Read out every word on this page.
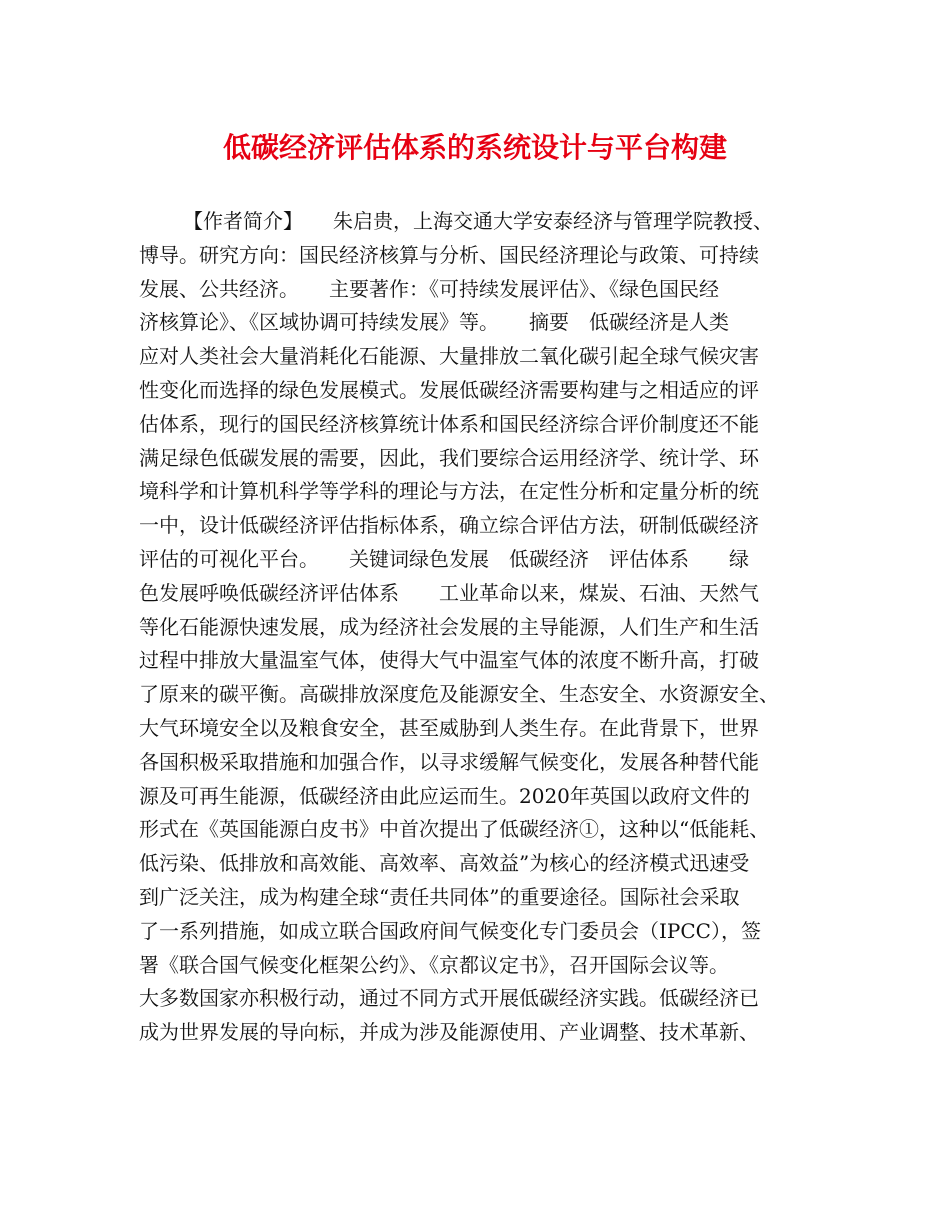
低碳经济评估体系的系统设计与平台构建
【作者简介】　　朱启贵，上海交通大学安泰经济与管理学院教授、
博导。研究方向：国民经济核算与分析、国民经济理论与政策、可持续
发展、公共经济。　　主要著作：《可持续发展评估》、《绿色国民经
济核算论》、《区域协调可持续发展》等。　　摘要　低碳经济是人类
应对人类社会大量消耗化石能源、大量排放二氧化碳引起全球气候灾害
性变化而选择的绿色发展模式。发展低碳经济需要构建与之相适应的评
估体系，现行的国民经济核算统计体系和国民经济综合评价制度还不能
满足绿色低碳发展的需要，因此，我们要综合运用经济学、统计学、环
境科学和计算机科学等学科的理论与方法，在定性分析和定量分析的统
一中，设计低碳经济评估指标体系，确立综合评估方法，研制低碳经济
评估的可视化平台。　　关键词绿色发展　低碳经济　评估体系　　绿
色发展呼唤低碳经济评估体系　　工业革命以来，煤炭、石油、天然气
等化石能源快速发展，成为经济社会发展的主导能源，人们生产和生活
过程中排放大量温室气体，使得大气中温室气体的浓度不断升高，打破
了原来的碳平衡。高碳排放深度危及能源安全、生态安全、水资源安全、
大气环境安全以及粮食安全，甚至威胁到人类生存。在此背景下，世界
各国积极采取措施和加强合作，以寻求缓解气候变化，发展各种替代能
源及可再生能源，低碳经济由此应运而生。2020年英国以政府文件的
形式在《英国能源白皮书》中首次提出了低碳经济①，这种以“低能耗、
低污染、低排放和高效能、高效率、高效益”为核心的经济模式迅速受
到广泛关注，成为构建全球“责任共同体”的重要途径。国际社会采取
了一系列措施，如成立联合国政府间气候变化专门委员会（IPCC），签
署《联合国气候变化框架公约》、《京都议定书》，召开国际会议等。
大多数国家亦积极行动，通过不同方式开展低碳经济实践。低碳经济已
成为世界发展的导向标，并成为涉及能源使用、产业调整、技术革新、
